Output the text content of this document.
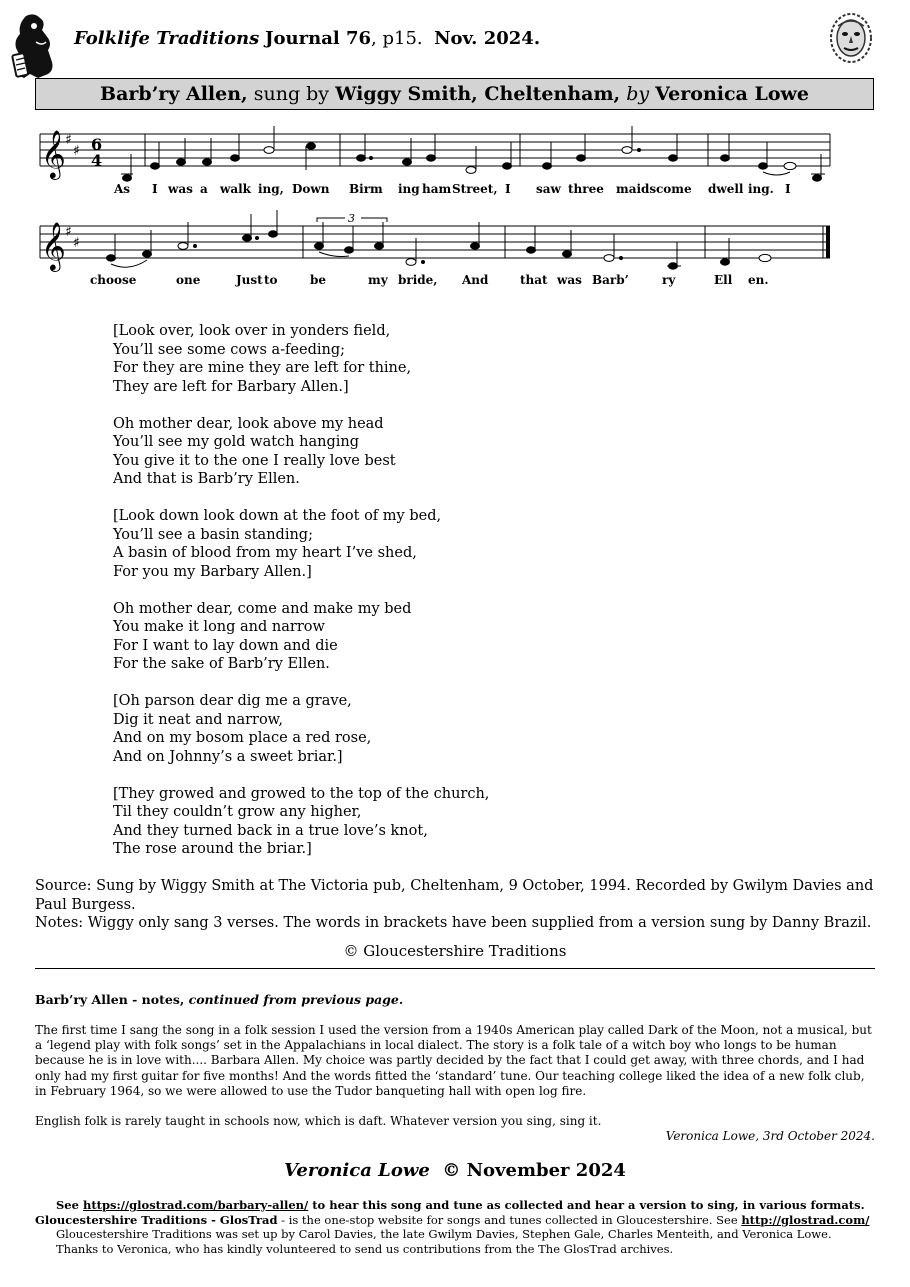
Folklife Traditions Journal 76, p15. Nov. 2024.
Barb’ry Allen, sung by Wiggy Smith, Cheltenham, by Veronica Lowe
𝄞 ♯
♯ 6
4
As I was a walk ing, Down Birm ing ham Street, I saw three maids come dwell ing. I
𝄞 ♯
♯
3
choose	one	Just to	be	my bride, And	that was Barb’	ry	Ell en.
[Look over, look over in yonders field,
You’ll see some cows a-feeding;
For they are mine they are left for thine,
They are left for Barbary Allen.]
Oh mother dear, look above my head
You’ll see my gold watch hanging
You give it to the one I really love best
And that is Barb’ry Ellen.
[Look down look down at the foot of my bed,
You’ll see a basin standing;
A basin of blood from my heart I’ve shed,
For you my Barbary Allen.]
Oh mother dear, come and make my bed
You make it long and narrow
For I want to lay down and die
For the sake of Barb’ry Ellen.
[Oh parson dear dig me a grave,
Dig it neat and narrow,
And on my bosom place a red rose,
And on Johnny’s a sweet briar.]
[They growed and growed to the top of the church,
Til they couldn’t grow any higher,
And they turned back in a true love’s knot,
The rose around the briar.]
Source: Sung by Wiggy Smith at The Victoria pub, Cheltenham, 9 October, 1994. Recorded by Gwilym Davies and Paul Burgess.
Notes: Wiggy only sang 3 verses. The words in brackets have been supplied from a version sung by Danny Brazil.
© Gloucestershire Traditions
Barb’ry Allen - notes, continued from previous page.
The first time I sang the song in a folk session I used the version from a 1940s American play called Dark of the Moon, not a musical, but a ‘legend play with folk songs’ set in the Appalachians in local dialect. The story is a folk tale of a witch boy who longs to be human because he is in love with.... Barbara Allen. My choice was partly decided by the fact that I could get away, with three chords, and I had only had my first guitar for five months! And the words fitted the ‘standard’ tune. Our teaching college liked the idea of a new folk club, in February 1964, so we were allowed to use the Tudor banqueting hall with open log fire.
English folk is rarely taught in schools now, which is daft. Whatever version you sing, sing it.
Veronica Lowe, 3rd October 2024.
Veronica Lowe © November 2024
See https://glostrad.com/barbary-allen/ to hear this song and tune as collected and hear a version to sing, in various formats.
Gloucestershire Traditions - GlosTrad - is the one-stop website for songs and tunes collected in Gloucestershire. See http://glostrad.com/
Gloucestershire Traditions was set up by Carol Davies, the late Gwilym Davies, Stephen Gale, Charles Menteith, and Veronica Lowe.
Thanks to Veronica, who has kindly volunteered to send us contributions from the The GlosTrad archives.
